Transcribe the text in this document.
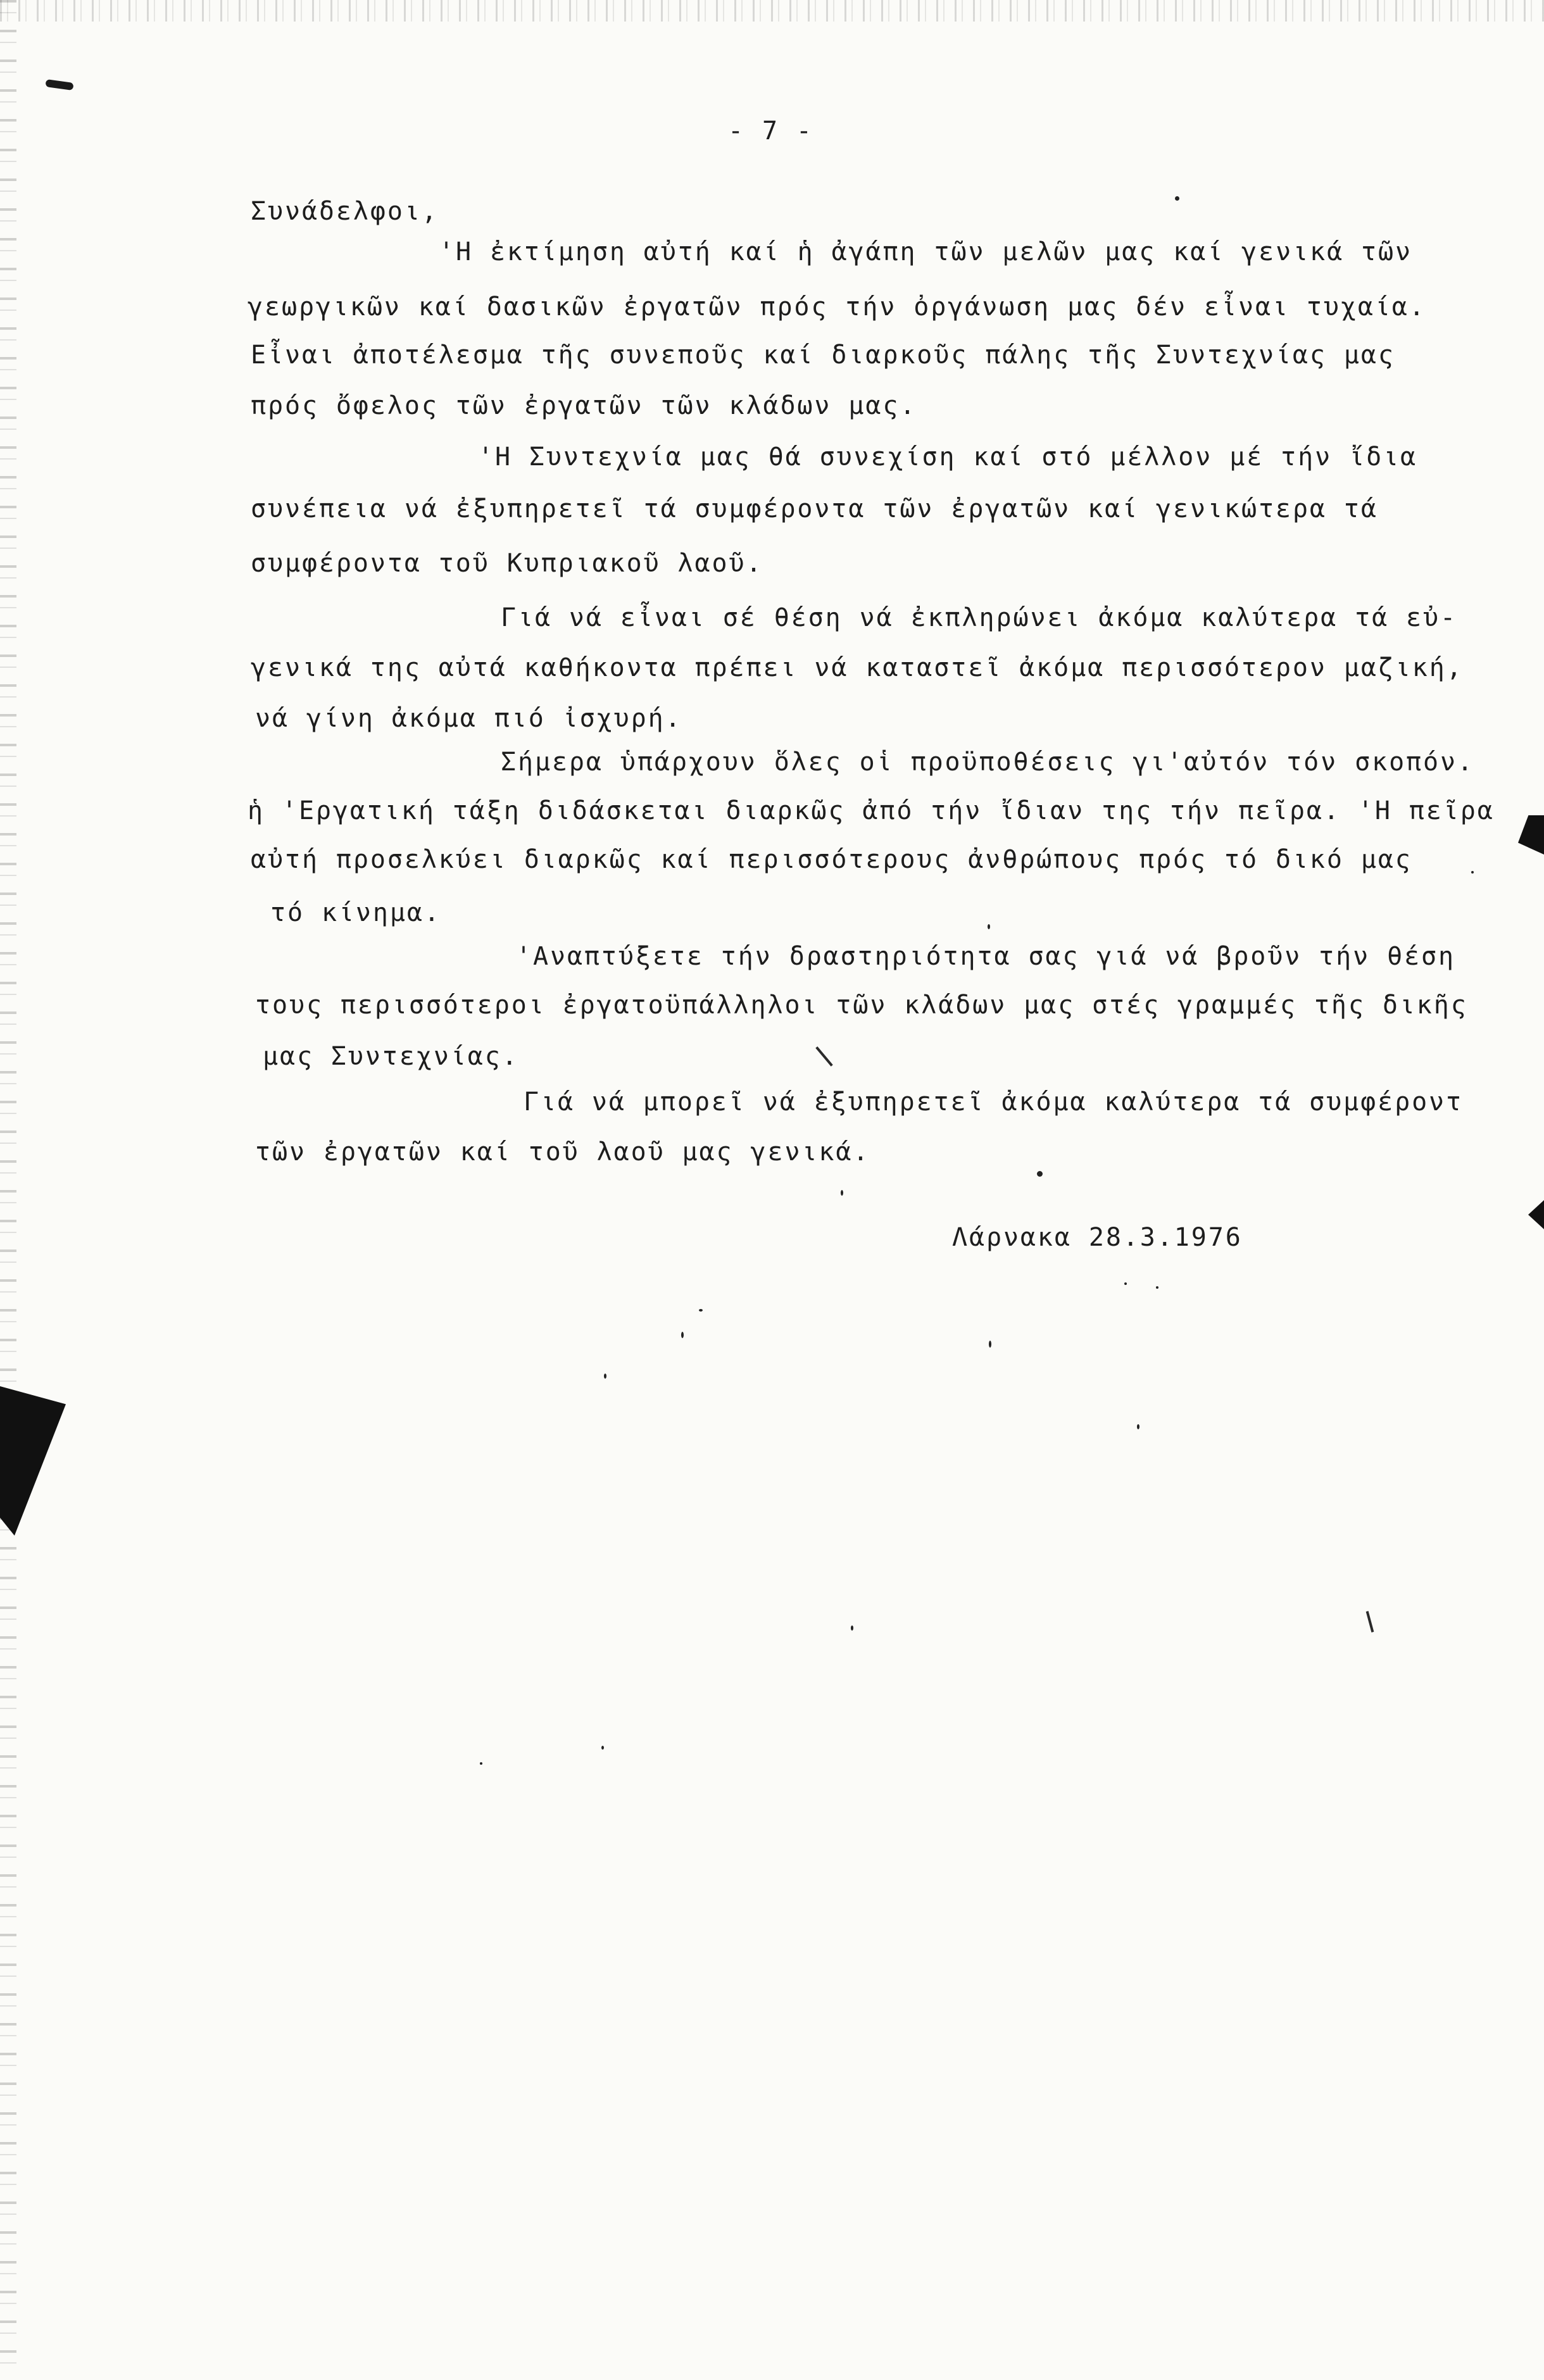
- 7 -
Συνάδελφοι,
'Η ἐκτίμηση αὐτή καί ἡ ἀγάπη τῶν μελῶν μας καί γενικά τῶν
γεωργικῶν καί δασικῶν ἐργατῶν πρός τήν ὀργάνωση μας δέν εἶναι τυχαία.
Εἶναι ἀποτέλεσμα τῆς συνεποῦς καί διαρκοῦς πάλης τῆς Συντεχνίας μας
πρός ὄφελος τῶν ἐργατῶν τῶν κλάδων μας.
'Η Συντεχνία μας θά συνεχίση καί στό μέλλον μέ τήν ἴδια
συνέπεια νά ἐξυπηρετεῖ τά συμφέροντα τῶν ἐργατῶν καί γενικώτερα τά
συμφέροντα τοῦ Κυπριακοῦ λαοῦ.
Γιά νά εἶναι σέ θέση νά ἐκπληρώνει ἀκόμα καλύτερα τά εὐ-
γενικά της αὐτά καθήκοντα πρέπει νά καταστεῖ ἀκόμα περισσότερον μαζική,
νά γίνη ἀκόμα πιό ἰσχυρή.
Σήμερα ὑπάρχουν ὅλες οἱ προϋποθέσεις γι'αὐτόν τόν σκοπόν.
ἡ 'Εργατική τάξη διδάσκεται διαρκῶς ἀπό τήν ἴδιαν της τήν πεῖρα. 'Η πεῖρα
αὐτή προσελκύει διαρκῶς καί περισσότερους ἀνθρώπους πρός τό δικό μας
τό κίνημα.
'Αναπτύξετε τήν δραστηριότητα σας γιά νά βροῦν τήν θέση
τους περισσότεροι ἐργατοϋπάλληλοι τῶν κλάδων μας στές γραμμές τῆς δικῆς
μας Συντεχνίας.
Γιά νά μπορεῖ νά ἐξυπηρετεῖ ἀκόμα καλύτερα τά συμφέροντ
τῶν ἐργατῶν καί τοῦ λαοῦ μας γενικά.
Λάρνακα 28.3.1976
